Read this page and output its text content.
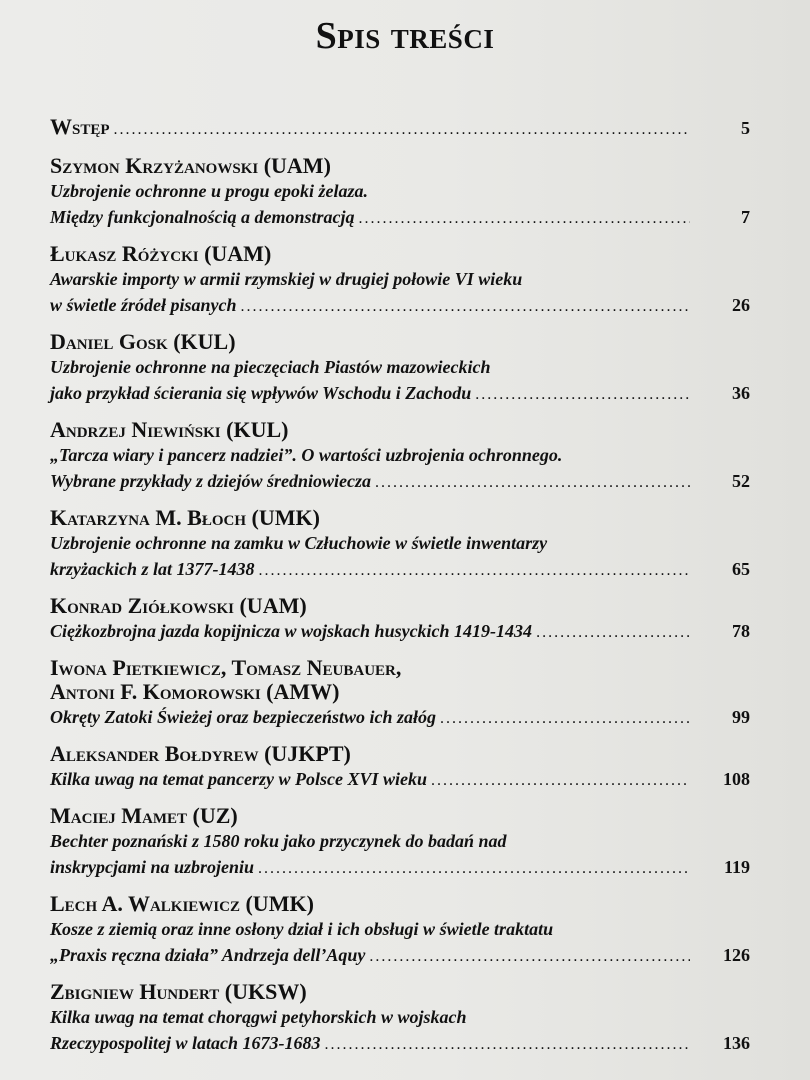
Spis treści
Wstęp .....	5
Szymon Krzyżanowski (UAM)
Uzbrojenie ochronne u progu epoki żelaza.
Między funkcjonalnością a demonstracją .....	7
Łukasz Różycki (UAM)
Awarskie importy w armii rzymskiej w drugiej połowie VI wieku
w świetle źródeł pisanych .....	26
Daniel Gosk (KUL)
Uzbrojenie ochronne na pieczęciach Piastów mazowieckich
jako przykład ścierania się wpływów Wschodu i Zachodu .....	36
Andrzej Niewiński (KUL)
„Tarcza wiary i pancerz nadziei”. O wartości uzbrojenia ochronnego.
Wybrane przykłady z dziejów średniowiecza .....	52
Katarzyna M. Błoch (UMK)
Uzbrojenie ochronne na zamku w Człuchowie w świetle inwentarzy
krzyżackich z lat 1377-1438 .....	65
Konrad Ziółkowski (UAM)
Ciężkozbrojna jazda kopijnicza w wojskach husyckich 1419-1434 .....	78
Iwona Pietkiewicz, Tomasz Neubauer,
Antoni F. Komorowski (AMW)
Okręty Zatoki Świeżej oraz bezpieczeństwo ich załóg .....	99
Aleksander Bołdyrew (UJKPT)
Kilka uwag na temat pancerzy w Polsce XVI wieku .....	108
Maciej Mamet (UZ)
Bechter poznański z 1580 roku jako przyczynek do badań nad
inskrypcjami na uzbrojeniu .....	119
Lech A. Walkiewicz (UMK)
Kosze z ziemią oraz inne osłony dział i ich obsługi w świetle traktatu
„Praxis ręczna działa” Andrzeja dell’Aquy .....	126
Zbigniew Hundert (UKSW)
Kilka uwag na temat chorągwi petyhorskich w wojskach
Rzeczypospolitej w latach 1673-1683 .....	136
